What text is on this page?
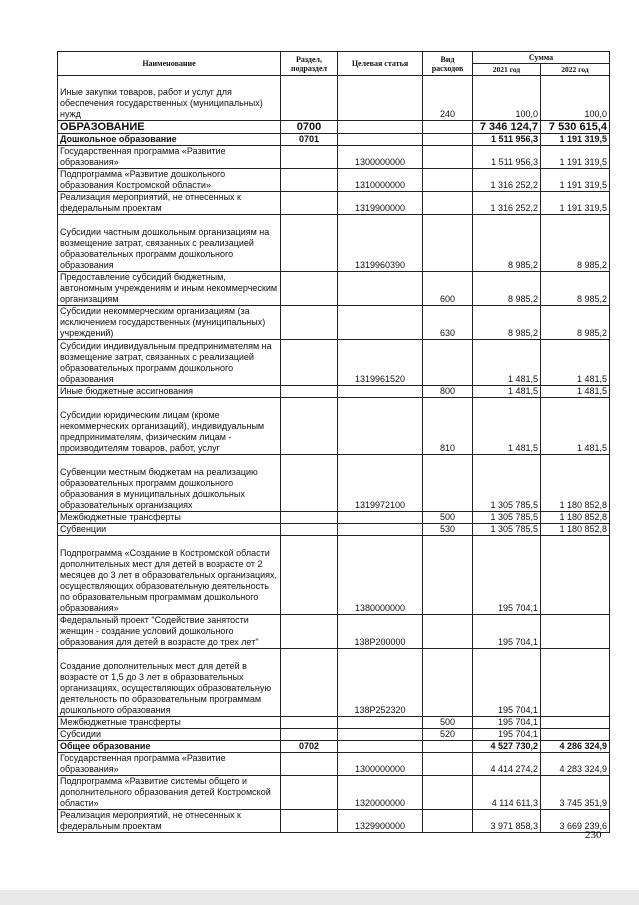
Наименование	Раздел, подраздел	Целевая статья	Вид расходов	Сумма	
				2021 год	2022 год
Иные закупки товаров, работ и услуг для обеспечения государственных (муниципальных) нужд			240	100,0	100,0
ОБРАЗОВАНИЕ	0700			7 346 124,7	7 530 615,4
Дошкольное образование	0701			1 511 956,3	1 191 319,5
Государственная программа «Развитие образования»		1300000000		1 511 956,3	1 191 319,5
Подпрограмма «Развитие дошкольного образования Костромской области»		1310000000		1 316 252,2	1 191 319,5
Реализация мероприятий, не отнесенных к федеральным проектам		1319900000		1 316 252,2	1 191 319,5
Субсидии частным дошкольным организациям на возмещение затрат, связанных с реализацией образовательных программ дошкольного образования		1319960390		8 985,2	8 985,2
Предоставление субсидий бюджетным, автономным учреждениям и иным некоммерческим организациям			600	8 985,2	8 985,2
Субсидии некоммерческим организациям (за исключением государственных (муниципальных) учреждений)			630	8 985,2	8 985,2
Субсидии индивидуальным предпринимателям на возмещение затрат, связанных с реализацией образовательных программ дошкольного образования		1319961520		1 481,5	1 481,5
Иные бюджетные ассигнования			800	1 481,5	1 481,5
Субсидии юридическим лицам (кроме некоммерческих организаций), индивидуальным предпринимателям, физическим лицам - производителям товаров, работ, услуг			810	1 481,5	1 481,5
Субвенции местным бюджетам на реализацию образовательных программ дошкольного образования в муниципальных дошкольных образовательных организациях		1319972100		1 305 785,5	1 180 852,8
Межбюджетные трансферты			500	1 305 785,5	1 180 852,8
Субвенции			530	1 305 785,5	1 180 852,8
Подпрограмма «Создание в Костромской области дополнительных мест для детей в возрасте от 2 месяцев до 3 лет в образовательных организациях, осуществляющих образовательную деятельность по образовательным программам дошкольного образования»		1380000000		195 704,1	
Федеральный проект "Содействие занятости женщин - создание условий дошкольного образования для детей в возрасте до трех лет"		138P200000		195 704,1	
Создание дополнительных мест для детей в возрасте от 1,5 до 3 лет в образовательных организациях, осуществляющих образовательную деятельность по образовательным программам дошкольного образования		138P252320		195 704,1	
Межбюджетные трансферты			500	195 704,1	
Субсидии			520	195 704,1	
Общее образование	0702			4 527 730,2	4 286 324,9
Государственная программа «Развитие образования»		1300000000		4 414 274,2	4 283 324,9
Подпрограмма «Развитие системы общего и дополнительного образования детей Костромской области»		1320000000		4 114 611,3	3 745 351,9
Реализация мероприятий, не отнесенных к федеральным проектам		1329900000		3 971 858,3	3 669 239,6
230
